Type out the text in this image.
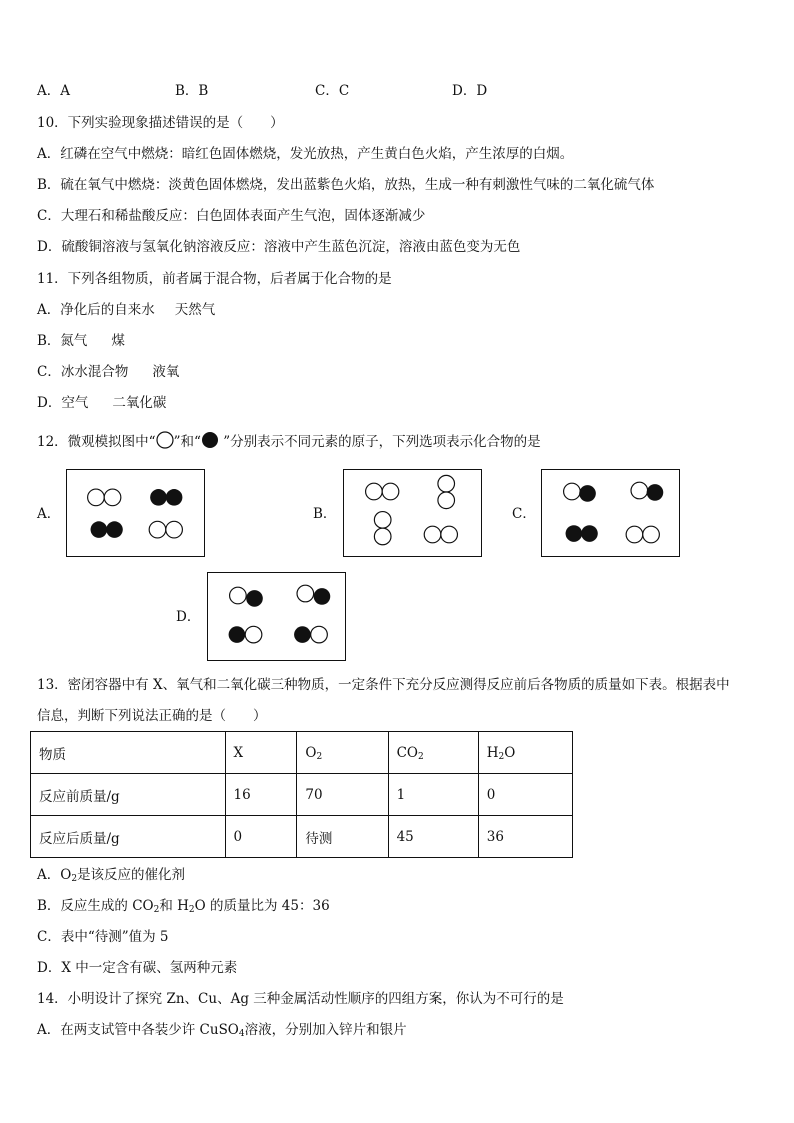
A．A	B．B	C．C	D．D
10．下列实验现象描述错误的是（　　）
A．红磷在空气中燃烧：暗红色固体燃烧，发光放热，产生黄白色火焰，产生浓厚的白烟。
B．硫在氧气中燃烧：淡黄色固体燃烧，发出蓝紫色火焰，放热，生成一种有刺激性气味的二氧化硫气体
C．大理石和稀盐酸反应：白色固体表面产生气泡，固体逐渐减少
D．硫酸铜溶液与氢氧化钠溶液反应：溶液中产生蓝色沉淀，溶液由蓝色变为无色
11．下列各组物质，前者属于混合物，后者属于化合物的是
A．净化后的自来水 天然气
B．氮气 煤
C．冰水混合物 液氧
D．空气 二氧化碳
12．微观模拟图中“ ”和“ ”分别表示不同元素的原子，下列选项表示化合物的是
A．	B．	C．
D．
13．密闭容器中有 X、氧气和二氧化碳三种物质，一定条件下充分反应测得反应前后各物质的质量如下表。根据表中
信息，判断下列说法正确的是（　　）
物质	X	$O_2$	$CO_2$	$H_2O$
反应前质量/g	16	70	1	0
反应后质量/g	0	待测	45	36
A．$O_2$是该反应的催化剂
B．反应生成的 $CO_2$和 $H_2O$ 的质量比为 45：36
C．表中“待测”值为 5
D．X 中一定含有碳、氢两种元素
14．小明设计了探究 Zn、Cu、Ag 三种金属活动性顺序的四组方案，你认为不可行的是
A．在两支试管中各装少许 CuSO$_4$溶液，分别加入锌片和银片
